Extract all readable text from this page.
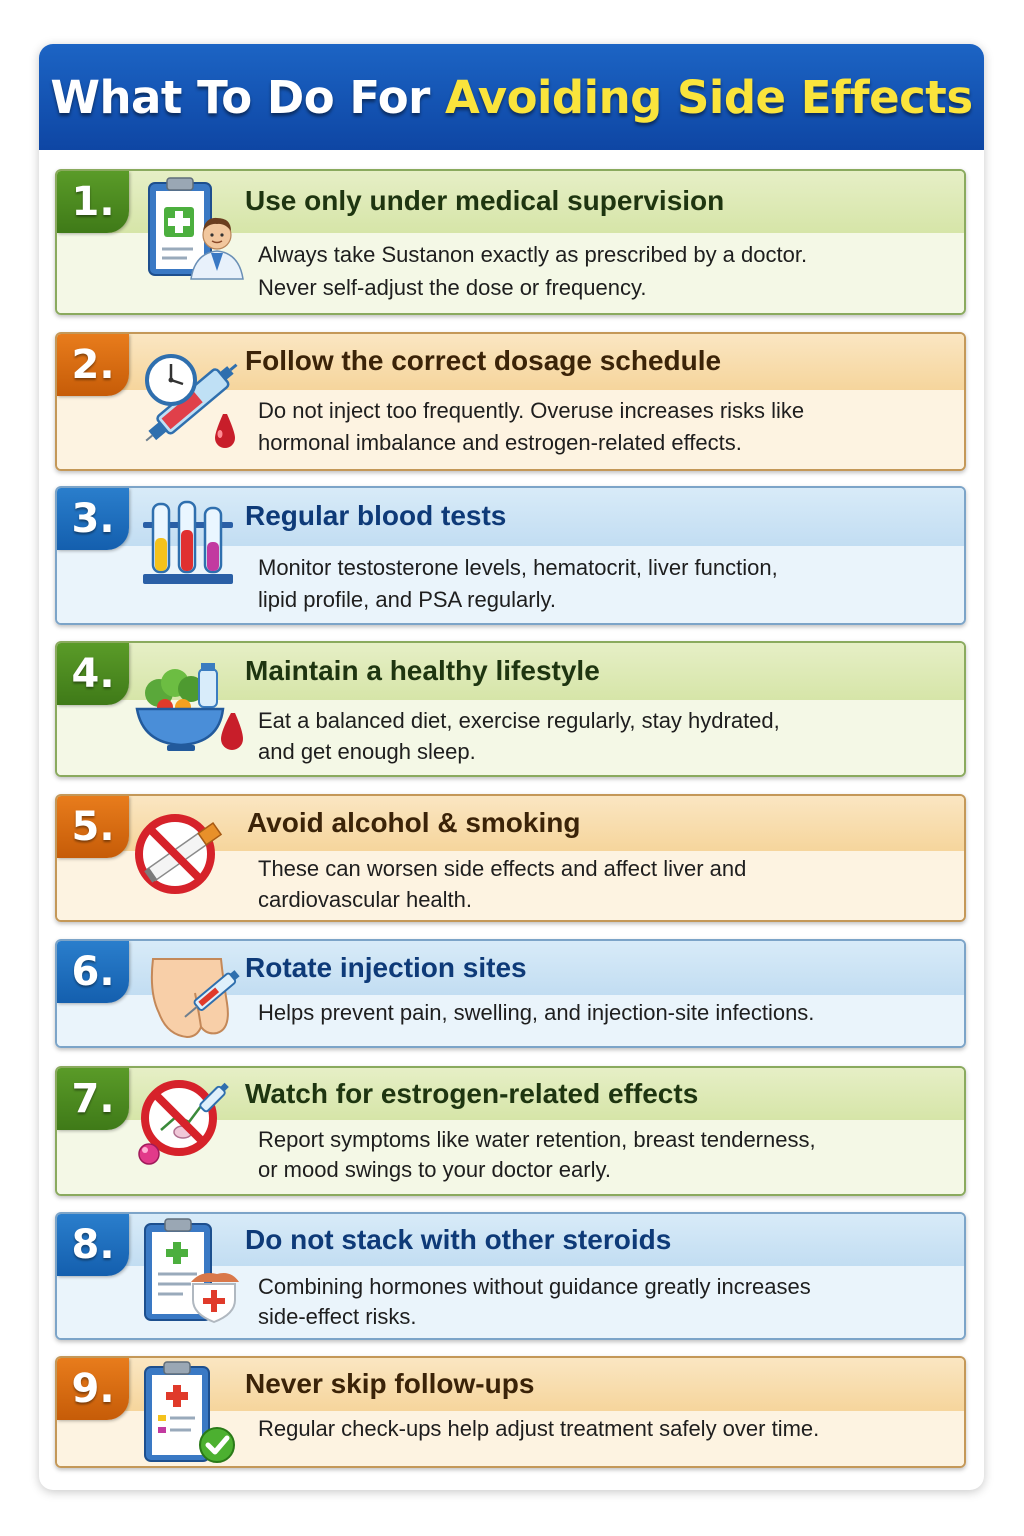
What To Do For Avoiding Side Effects
1.	Use only under medical supervision
Always take Sustanon exactly as prescribed by a doctor.
Never self-adjust the dose or frequency.
2.	Follow the correct dosage schedule
Do not inject too frequently. Overuse increases risks like
hormonal imbalance and estrogen-related effects.
3.	Regular blood tests
Monitor testosterone levels, hematocrit, liver function,
lipid profile, and PSA regularly.
4.	Maintain a healthy lifestyle
Eat a balanced diet, exercise regularly, stay hydrated,
and get enough sleep.
5.	Avoid alcohol & smoking
These can worsen side effects and affect liver and
cardiovascular health.
6.	Rotate injection sites
Helps prevent pain, swelling, and injection-site infections.
7.	Watch for estrogen-related effects
Report symptoms like water retention, breast tenderness,
or mood swings to your doctor early.
8.	Do not stack with other steroids
Combining hormones without guidance greatly increases
side-effect risks.
9.	Never skip follow-ups
Regular check-ups help adjust treatment safely over time.
